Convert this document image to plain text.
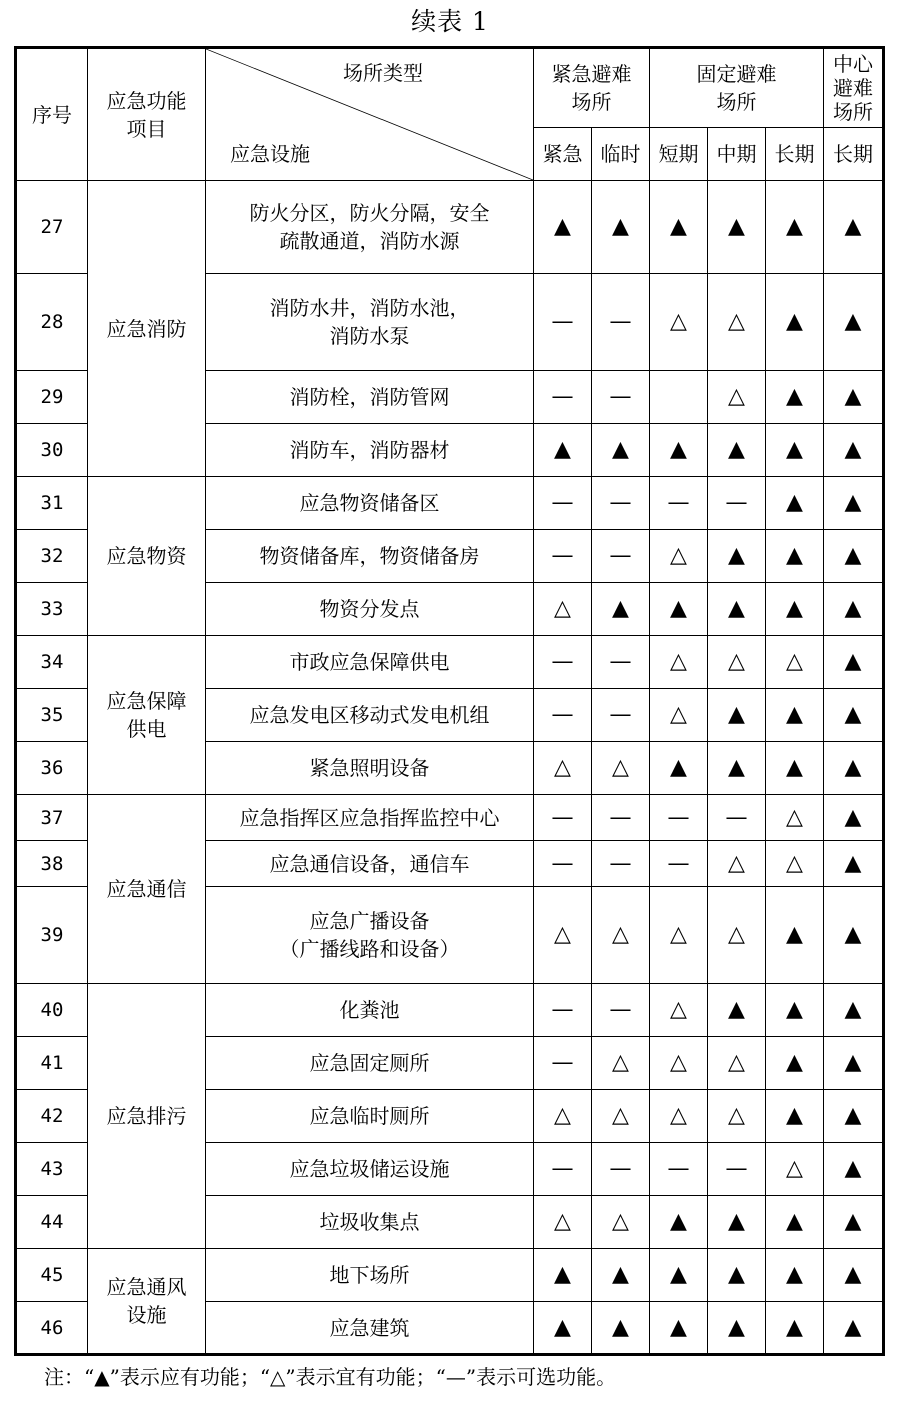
续表 1
序号	应急功能
项目	场所类型
应急设施	紧急避难
场所		固定避难
场所			中心
避难
场所
			紧急	临时	短期	中期	长期	长期
27	应急消防	防火分区，防火分隔，安全
疏散通道，消防水源	▲	▲	▲	▲	▲	▲
28		消防水井，消防水池，
消防水泵	—	—	△	△	▲	▲
29		消防栓，消防管网	—	—		△	▲	▲
30		消防车，消防器材	▲	▲	▲	▲	▲	▲
31	应急物资	应急物资储备区	—	—	—	—	▲	▲
32		物资储备库，物资储备房	—	—	△	▲	▲	▲
33		物资分发点	△	▲	▲	▲	▲	▲
34	应急保障
供电	市政应急保障供电	—	—	△	△	△	▲
35		应急发电区移动式发电机组	—	—	△	▲	▲	▲
36		紧急照明设备	△	△	▲	▲	▲	▲
37	应急通信	应急指挥区应急指挥监控中心	—	—	—	—	△	▲
38		应急通信设备，通信车	—	—	—	△	△	▲
39		应急广播设备
（广播线路和设备）	△	△	△	△	▲	▲
40	应急排污	化粪池	—	—	△	▲	▲	▲
41		应急固定厕所	—	△	△	△	▲	▲
42		应急临时厕所	△	△	△	△	▲	▲
43		应急垃圾储运设施	—	—	—	—	△	▲
44		垃圾收集点	△	△	▲	▲	▲	▲
45	应急通风
设施	地下场所	▲	▲	▲	▲	▲	▲
46		应急建筑	▲	▲	▲	▲	▲	▲
注：“▲”表示应有功能；“△”表示宜有功能；“—”表示可选功能。
